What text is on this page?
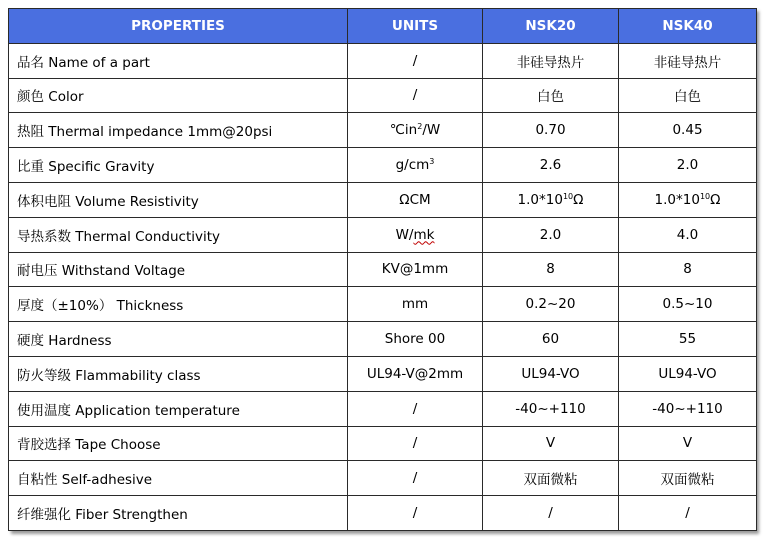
PROPERTIES	UNITS	NSK20	NSK40
品名 Name of a part	/	非硅导热片	非硅导热片
颜色 Color	/	白色	白色
热阻 Thermal impedance 1mm@20psi	$℃in^2/W$	0.70	0.45
比重 Specific Gravity	$g/cm^3$	2.6	2.0
体积电阻 Volume Resistivity	ΩCM	$1.0*10^{10}\Omega$	$1.0*10^{10}\Omega$
导热系数 Thermal Conductivity	W/mk	2.0	4.0
耐电压 Withstand Voltage	KV@1mm	8	8
厚度（±10%） Thickness	mm	0.2~20	0.5~10
硬度 Hardness	Shore 00	60	55
防火等级 Flammability class	UL94-V@2mm	UL94-VO	UL94-VO
使用温度 Application temperature	/	-40~+110	-40~+110
背胶选择 Tape Choose	/	V	V
自粘性 Self-adhesive	/	双面微粘	双面微粘
纤维强化 Fiber Strengthen	/	/	/
